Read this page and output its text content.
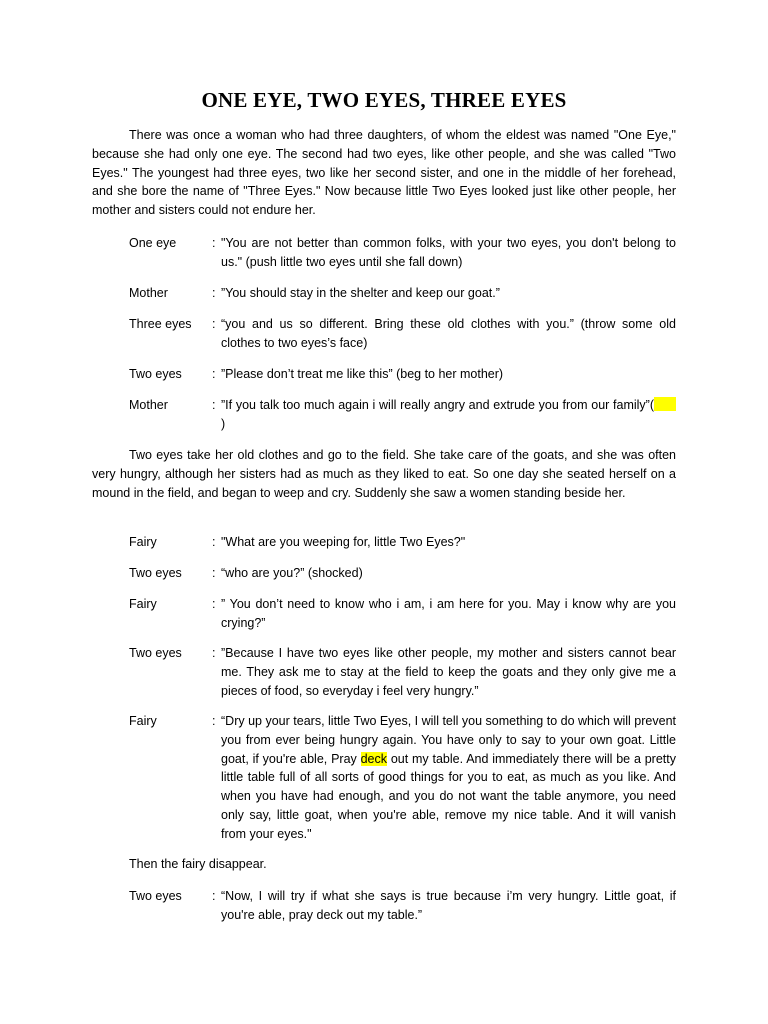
ONE EYE, TWO EYES, THREE EYES

There was once a woman who had three daughters, of whom the eldest was named "One Eye," because she had only one eye. The second had two eyes, like other people, and she was called "Two Eyes." The youngest had three eyes, two like her second sister, and one in the middle of her forehead, and she bore the name of "Three Eyes." Now because little Two Eyes looked just like other people, her mother and sisters could not endure her.

One eye	: "You are not better than common folks, with your two eyes, you don't belong to us." (push little two eyes until she fall down)
Mother	: ”You should stay in the shelter and keep our goat.”
Three eyes	: “you and us so different. Bring these old clothes with you.” (throw some old clothes to two eyes’s face)
Two eyes	: ”Please don’t treat me like this” (beg to her mother)
Mother	: ”If you talk too much again i will really angry and extrude you from our family”()

Two eyes take her old clothes and go to the field. She take care of the goats, and she was often very hungry, although her sisters had as much as they liked to eat. So one day she seated herself on a mound in the field, and began to weep and cry. Suddenly she saw a women standing beside her.

Fairy	: "What are you weeping for, little Two Eyes?"
Two eyes	: “who are you?” (shocked)
Fairy	: ” You don’t need to know who i am, i am here for you. May i know why are you crying?”
Two eyes	: ”Because I have two eyes like other people, my mother and sisters cannot bear me. They ask me to stay at the field to keep the goats and they only give me a pieces of food, so everyday i feel very hungry.”
Fairy	: “Dry up your tears, little Two Eyes, I will tell you something to do which will prevent you from ever being hungry again. You have only to say to your own goat. Little goat, if you're able, Pray deck out my table. And immediately there will be a pretty little table full of all sorts of good things for you to eat, as much as you like. And when you have had enough, and you do not want the table anymore, you need only say, little goat, when you're able, remove my nice table. And it will vanish from your eyes."
Then the fairy disappear.
Two eyes	: “Now, I will try if what she says is true because i’m very hungry. Little goat, if you're able, pray deck out my table.”
